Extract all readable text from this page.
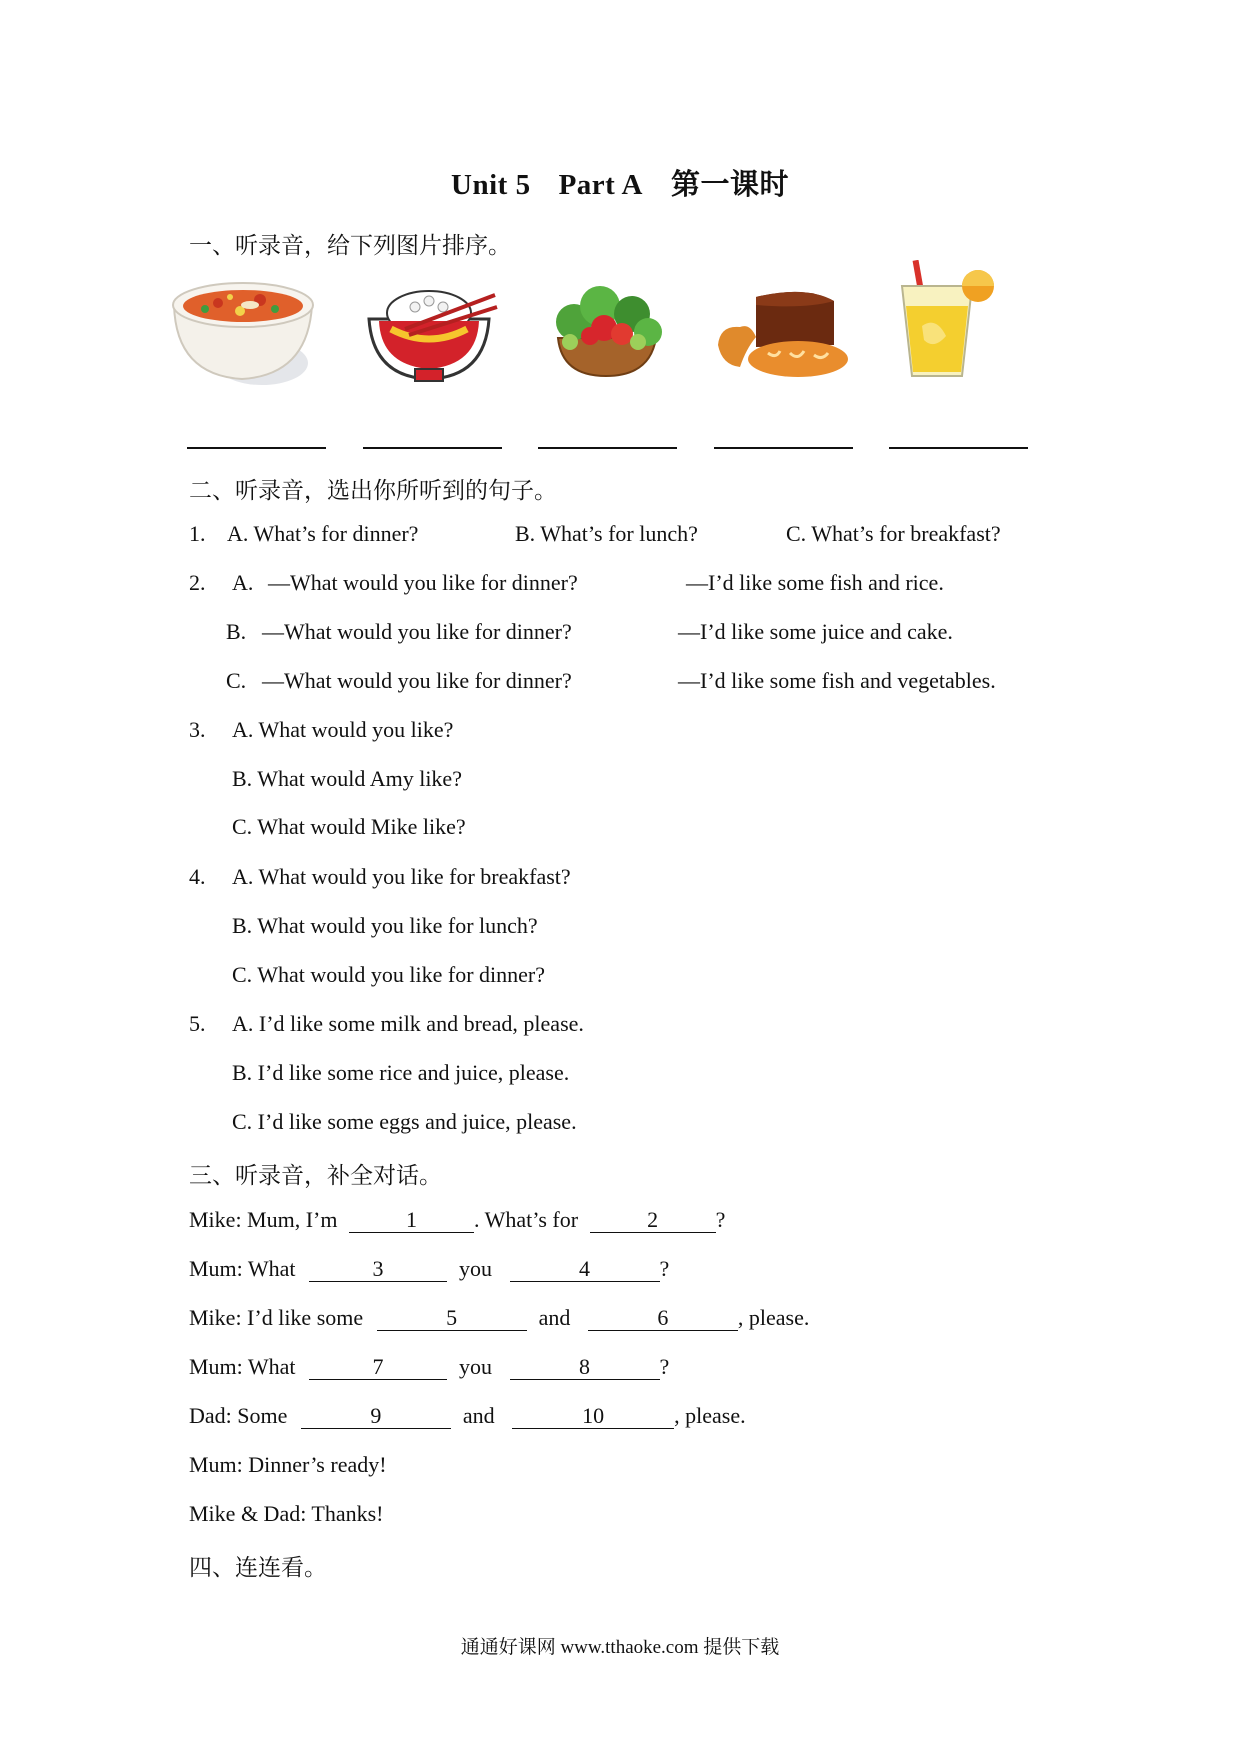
Unit 5 Part A 第一课时
一、听录音，给下列图片排序。
二、听录音，选出你所听到的句子。
1. A. What’s for dinner?	B. What’s for lunch?	C. What’s for breakfast?
2. A. —What would you like for dinner?	—I’d like some fish and rice.
B. —What would you like for dinner?	—I’d like some juice and cake.
C. —What would you like for dinner?	—I’d like some fish and vegetables.
3. A. What would you like?
B. What would Amy like?
C. What would Mike like?
4. A. What would you like for breakfast?
B. What would you like for lunch?
C. What would you like for dinner?
5. A. I’d like some milk and bread, please.
B. I’d like some rice and juice, please.
C. I’d like some eggs and juice, please.
三、听录音，补全对话。
Mike: Mum, I’m	1	. What’s for	2	?
Mum: What	3	you	4	?
Mike: I’d like some	5	and	6	, please.
Mum: What	7	you	8	?
Dad: Some	9	and	10	, please.
Mum: Dinner’s ready!
Mike & Dad: Thanks!
四、连连看。
通通好课网 www.tthaoke.com 提供下载
